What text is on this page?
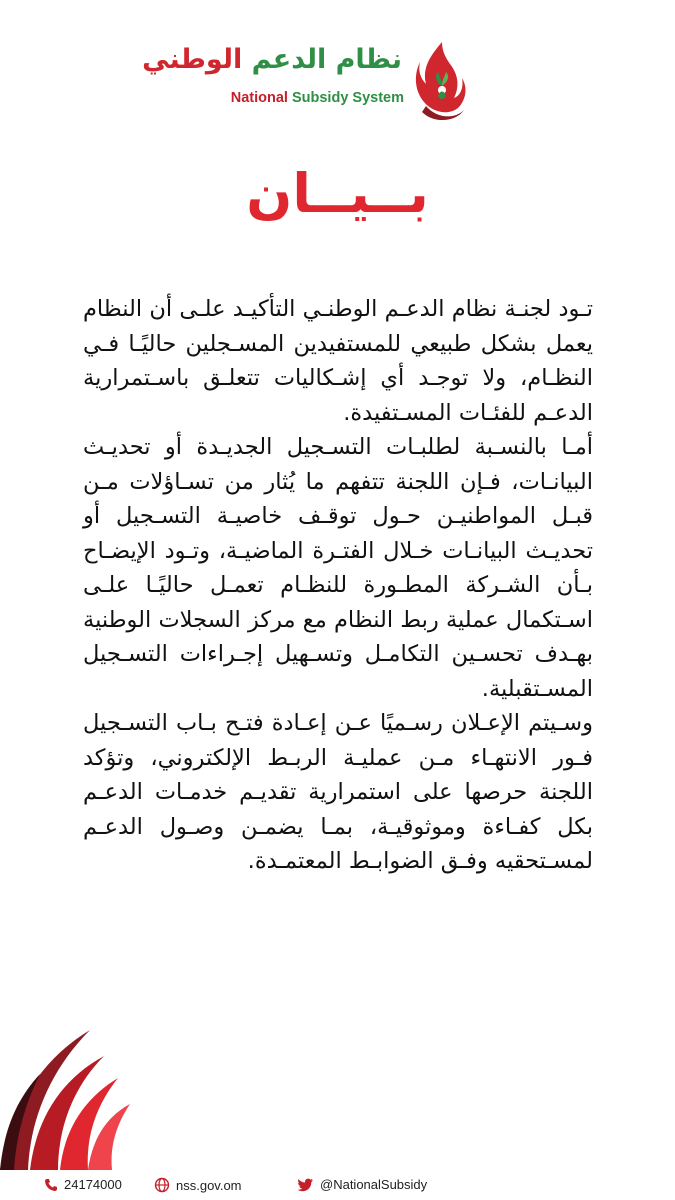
نظام الدعم الوطني
National Subsidy System
بــيــان

تـود لجنـة نظام الدعـم الوطنـي التأكيـد علـى أن النظام يعمل بشكل طبيعي للمستفيدين المسـجلين حاليًـا فـي النظـام، ولا توجـد أي إشـكاليات تتعلـق باسـتمرارية الدعـم للفئـات المسـتفيدة.

أمـا بالنسـبة لطلبـات التسـجيل الجديـدة أو تحديـث البيانـات، فـإن اللجنة تتفهم ما يُثار من تسـاؤلات مـن قبـل المواطنيـن حـول توقـف خاصيـة التسـجيل أو تحديـث البيانـات خـلال الفتـرة الماضيـة، وتـود الإيضـاح بـأن الشـركة المطـورة للنظـام تعمـل حاليًـا علـى اسـتكمال عملية ربط النظام مع مركز السجلات الوطنية بهـدف تحسـين التكامـل وتسـهيل إجـراءات التسـجيل المسـتقبلية.

وسـيتم الإعـلان رسـميًا عـن إعـادة فتـح بـاب التسـجيل فـور الانتهـاء مـن عمليـة الربـط الإلكتروني، وتؤكد اللجنة حرصها على استمرارية تقديـم خدمـات الدعـم بكل كفـاءة وموثوقيـة، بمـا يضمـن وصـول الدعـم لمسـتحقيه وفـق الضوابـط المعتمـدة.

24174000	nss.gov.om	@NationalSubsidy
